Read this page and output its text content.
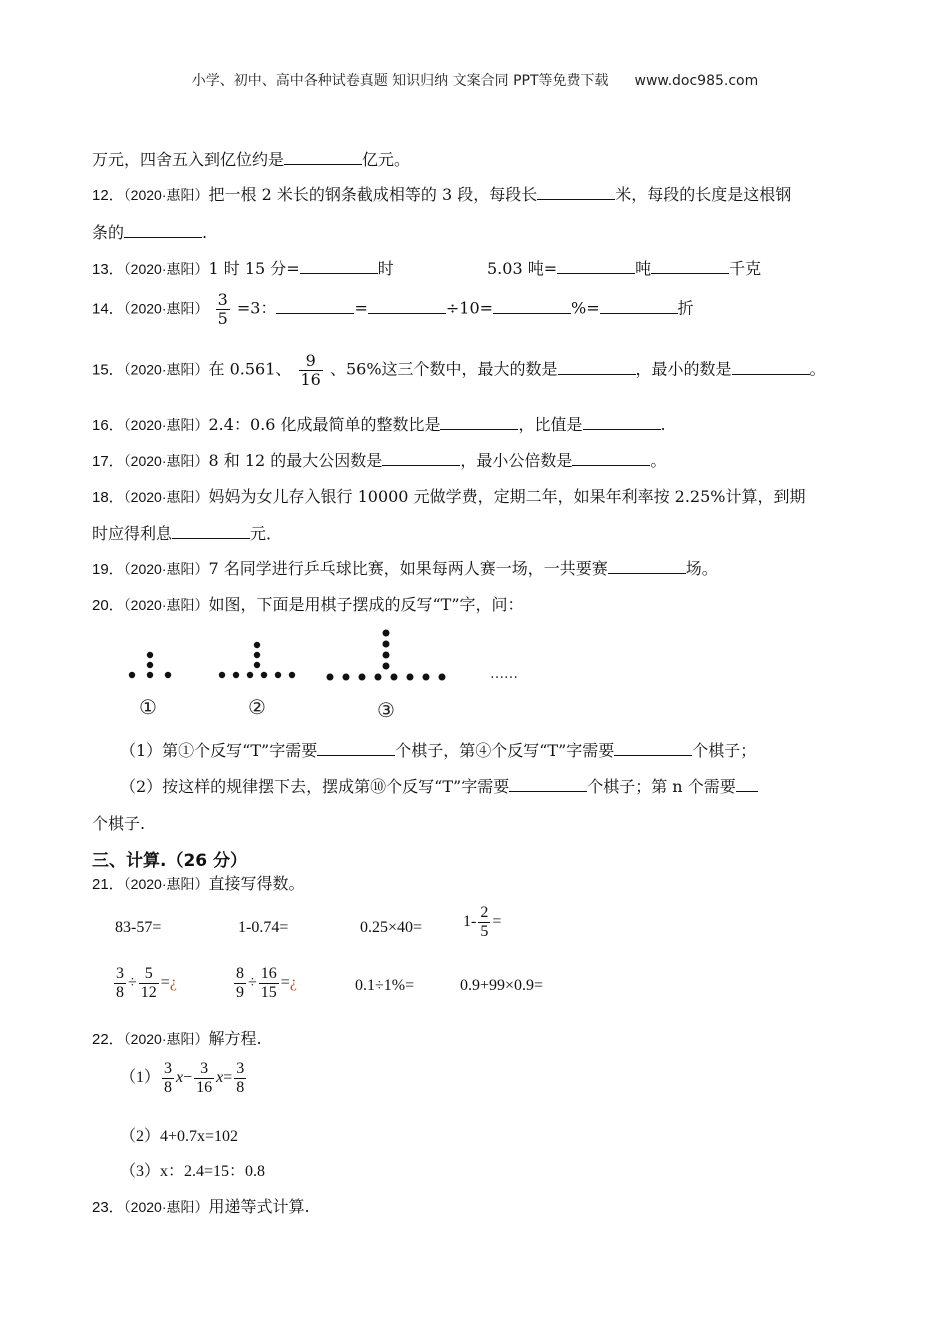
小学、初中、高中各种试卷真题 知识归纳 文案合同 PPT等免费下载 www.doc985.com
万元，四舍五入到亿位约是	亿元。
12．（2020·惠阳）把一根 2 米长的钢条截成相等的 3 段，每段长	米，每段的长度是这根钢
条的	.
13．（2020·惠阳）1 时 15 分=	时	5.03 吨=	吨	千克
14．（2020·惠阳） $\frac{3}{5} =3$：	=	÷10=	%=	折
15．（2020·惠阳）在 0.561、 $\frac{9}{16}$ 、56%这三个数中，最大的数是	，最小的数是	。
16．（2020·惠阳）2.4：0.6 化成最简单的整数比是	，比值是	.
17．（2020·惠阳）8 和 12 的最大公因数是	，最小公倍数是	。
18．（2020·惠阳）妈妈为女儿存入银行 10000 元做学费，定期二年，如果年利率按 2.25%计算，到期
时应得利息	元．
19．（2020·惠阳）7 名同学进行乒乓球比赛，如果每两人赛一场，一共要赛	场。
20．（2020·惠阳）如图，下面是用棋子摆成的反写“T”字，问：
……
①	②	③
（1）第①个反写“T”字需要	个棋子，第④个反写“T”字需要	个棋子；
（2）按这样的规律摆下去，摆成第⑩个反写“T”字需要	个棋子；第 n 个需要
个棋子.
三、计算.（26 分）
21．（2020·惠阳）直接写得数。
83-57=	1-0.74=	0.25×40=	$1- \frac{2}{5}$ =
$\frac{3}{8} \div \frac{5}{12}$ =¿	$\frac{8}{9} \div \frac{16}{15}$ =¿	0.1÷1%=	0.9+99×0.9=
22．（2020·惠阳）解方程.
$(1) \frac{3}{8} x- \frac{3}{16} x= \frac{3}{8}$
（2）4+0.7x=102
（3）x：2.4=15：0.8
23．（2020·惠阳）用递等式计算.
